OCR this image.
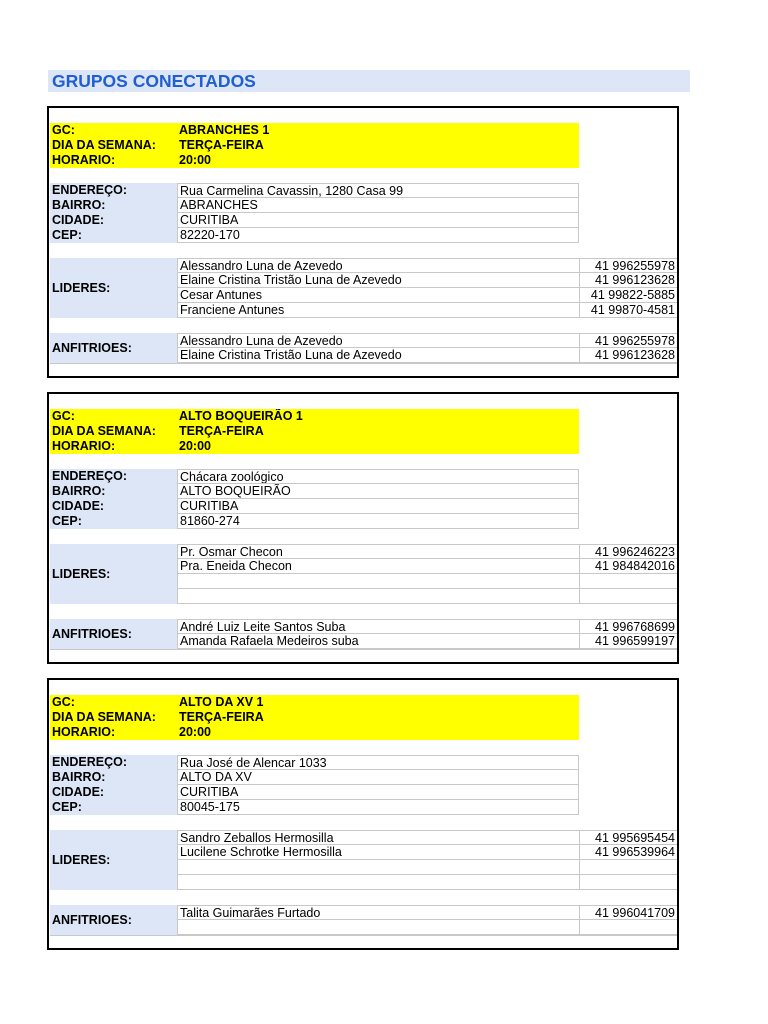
GRUPOS CONECTADOS
GC:	ABRANCHES 1
DIA DA SEMANA:	TERÇA-FEIRA
HORARIO:	20:00
ENDEREÇO:	Rua Carmelina Cavassin, 1280 Casa 99
BAIRRO:	ABRANCHES
CIDADE:	CURITIBA
CEP:	82220-170
LIDERES:
Alessandro Luna de Azevedo	41 996255978
Elaine Cristina Tristão Luna de Azevedo	41 996123628
Cesar Antunes	41 99822-5885
Franciene Antunes	41 99870-4581
ANFITRIOES:	Alessandro Luna de Azevedo	41 996255978
Elaine Cristina Tristão Luna de Azevedo	41 996123628
GC:	ALTO BOQUEIRÃO 1
DIA DA SEMANA:	TERÇA-FEIRA
HORARIO:	20:00
ENDEREÇO:	Chácara zoológico
BAIRRO:	ALTO BOQUEIRÃO
CIDADE:	CURITIBA
CEP:	81860-274
LIDERES:
Pr. Osmar Checon	41 996246223
Pra. Eneida Checon	41 984842016
ANFITRIOES:	André Luiz Leite Santos Suba	41 996768699
Amanda Rafaela Medeiros suba	41 996599197
GC:	ALTO DA XV 1
DIA DA SEMANA:	TERÇA-FEIRA
HORARIO:	20:00
ENDEREÇO:	Rua José de Alencar 1033
BAIRRO:	ALTO DA XV
CIDADE:	CURITIBA
CEP:	80045-175
LIDERES:
Sandro Zeballos Hermosilla	41 995695454
Lucilene Schrotke Hermosilla	41 996539964
ANFITRIOES:	Talita Guimarães Furtado	41 996041709
